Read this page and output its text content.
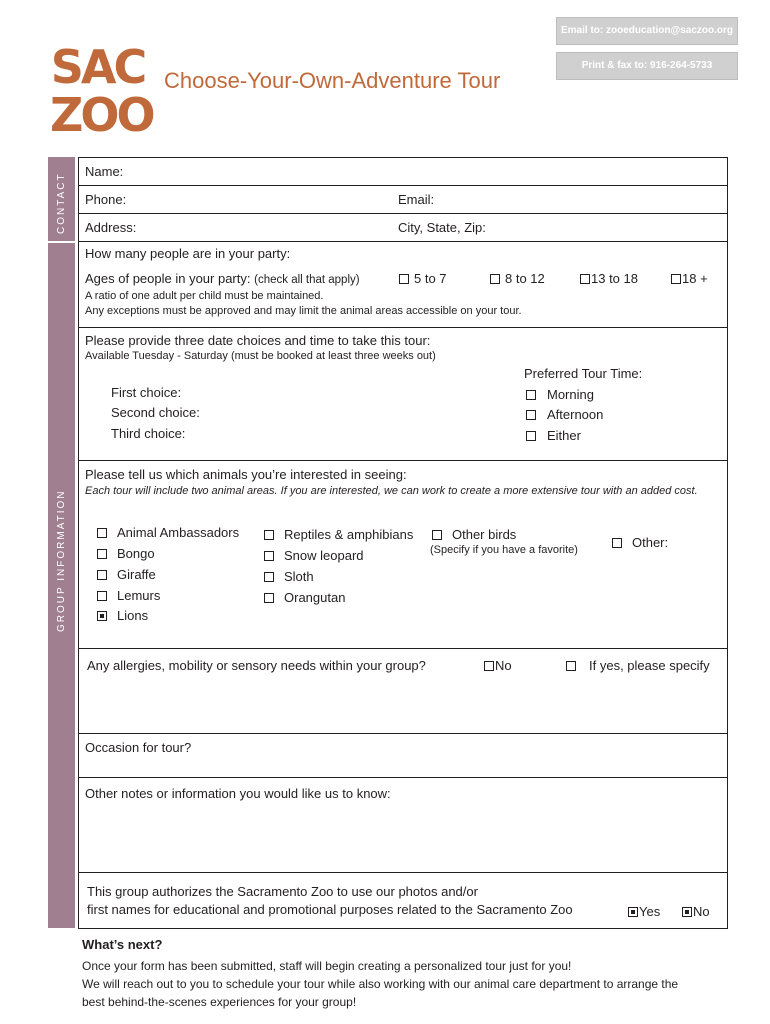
Email to: zooeducation@saczoo.org
Print & fax to: 916-264-5733
SAC
ZOO
Choose-Your-Own-Adventure Tour
CONTACT
GROUP INFORMATION
Name:
Phone:	Email:
Address:	City, State, Zip:
How many people are in your party:
Ages of people in your party: (check all that apply)	5 to 7	8 to 12	13 to 18	18 +
A ratio of one adult per child must be maintained.
Any exceptions must be approved and may limit the animal areas accessible on your tour.
Please provide three date choices and time to take this tour:
Available Tuesday - Saturday (must be booked at least three weeks out)
First choice:
Second choice:
Third choice:
Preferred Tour Time:
Morning
Afternoon
Either
Please tell us which animals you’re interested in seeing:
Each tour will include two animal areas. If you are interested, we can work to create a more extensive tour with an added cost.
Animal Ambassadors
Bongo
Giraffe
Lemurs
Lions
Reptiles & amphibians
Snow leopard
Sloth
Orangutan
Other birds
(Specify if you have a favorite)	Other:
Any allergies, mobility or sensory needs within your group?	No	If yes, please specify
Occasion for tour?
Other notes or information you would like us to know:
This group authorizes the Sacramento Zoo to use our photos and/or
first names for educational and promotional purposes related to the Sacramento Zoo	Yes	No
What’s next?
Once your form has been submitted, staff will begin creating a personalized tour just for you!
We will reach out to you to schedule your tour while also working with our animal care department to arrange the
best behind-the-scenes experiences for your group!
